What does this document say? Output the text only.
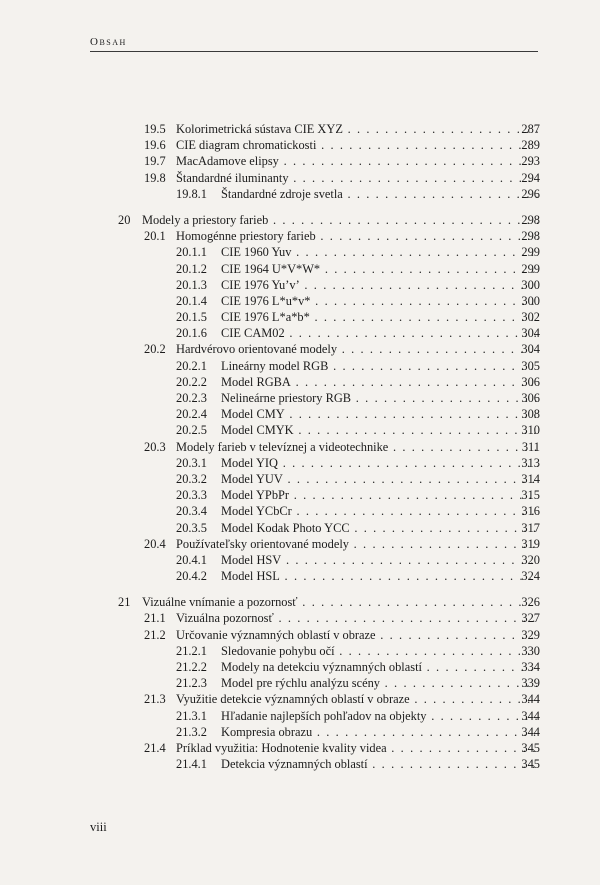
Obsah
19.5 Kolorimetrická sústava CIE XYZ . . .	287
19.6 CIE diagram chromatickosti . . .	289
19.7 MacAdamove elipsy . . .	293
19.8 Štandardné iluminanty . . .	294
19.8.1 Štandardné zdroje svetla . . .	296
20 Modely a priestory farieb . . .	298
20.1 Homogénne priestory farieb . . .	298
20.1.1 CIE 1960 Yuv . . .	299
20.1.2 CIE 1964 U*V*W* . . .	299
20.1.3 CIE 1976 Yu’v’ . . .	300
20.1.4 CIE 1976 L*u*v* . . .	300
20.1.5 CIE 1976 L*a*b* . . .	302
20.1.6 CIE CAM02 . . .	304
20.2 Hardvérovo orientované modely . . .	304
20.2.1 Lineárny model RGB . . .	305
20.2.2 Model RGBA . . .	306
20.2.3 Nelineárne priestory RGB . . .	306
20.2.4 Model CMY . . .	308
20.2.5 Model CMYK . . .	310
20.3 Modely farieb v televíznej a videotechnike . . .	311
20.3.1 Model YIQ . . .	313
20.3.2 Model YUV . . .	314
20.3.3 Model YPbPr . . .	315
20.3.4 Model YCbCr . . .	316
20.3.5 Model Kodak Photo YCC . . .	317
20.4 Používateľsky orientované modely . . .	319
20.4.1 Model HSV . . .	320
20.4.2 Model HSL . . .	324
21 Vizuálne vnímanie a pozornosť . . .	326
21.1 Vizuálna pozornosť . . .	327
21.2 Určovanie významných oblastí v obraze . . .	329
21.2.1 Sledovanie pohybu očí . . .	330
21.2.2 Modely na detekciu významných oblastí . . .	334
21.2.3 Model pre rýchlu analýzu scény . . .	339
21.3 Využitie detekcie významných oblastí v obraze . . .	344
21.3.1 Hľadanie najlepších pohľadov na objekty . . .	344
21.3.2 Kompresia obrazu . . .	344
21.4 Príklad využitia: Hodnotenie kvality videa . . .	345
21.4.1 Detekcia významných oblastí . . .	345
viii
